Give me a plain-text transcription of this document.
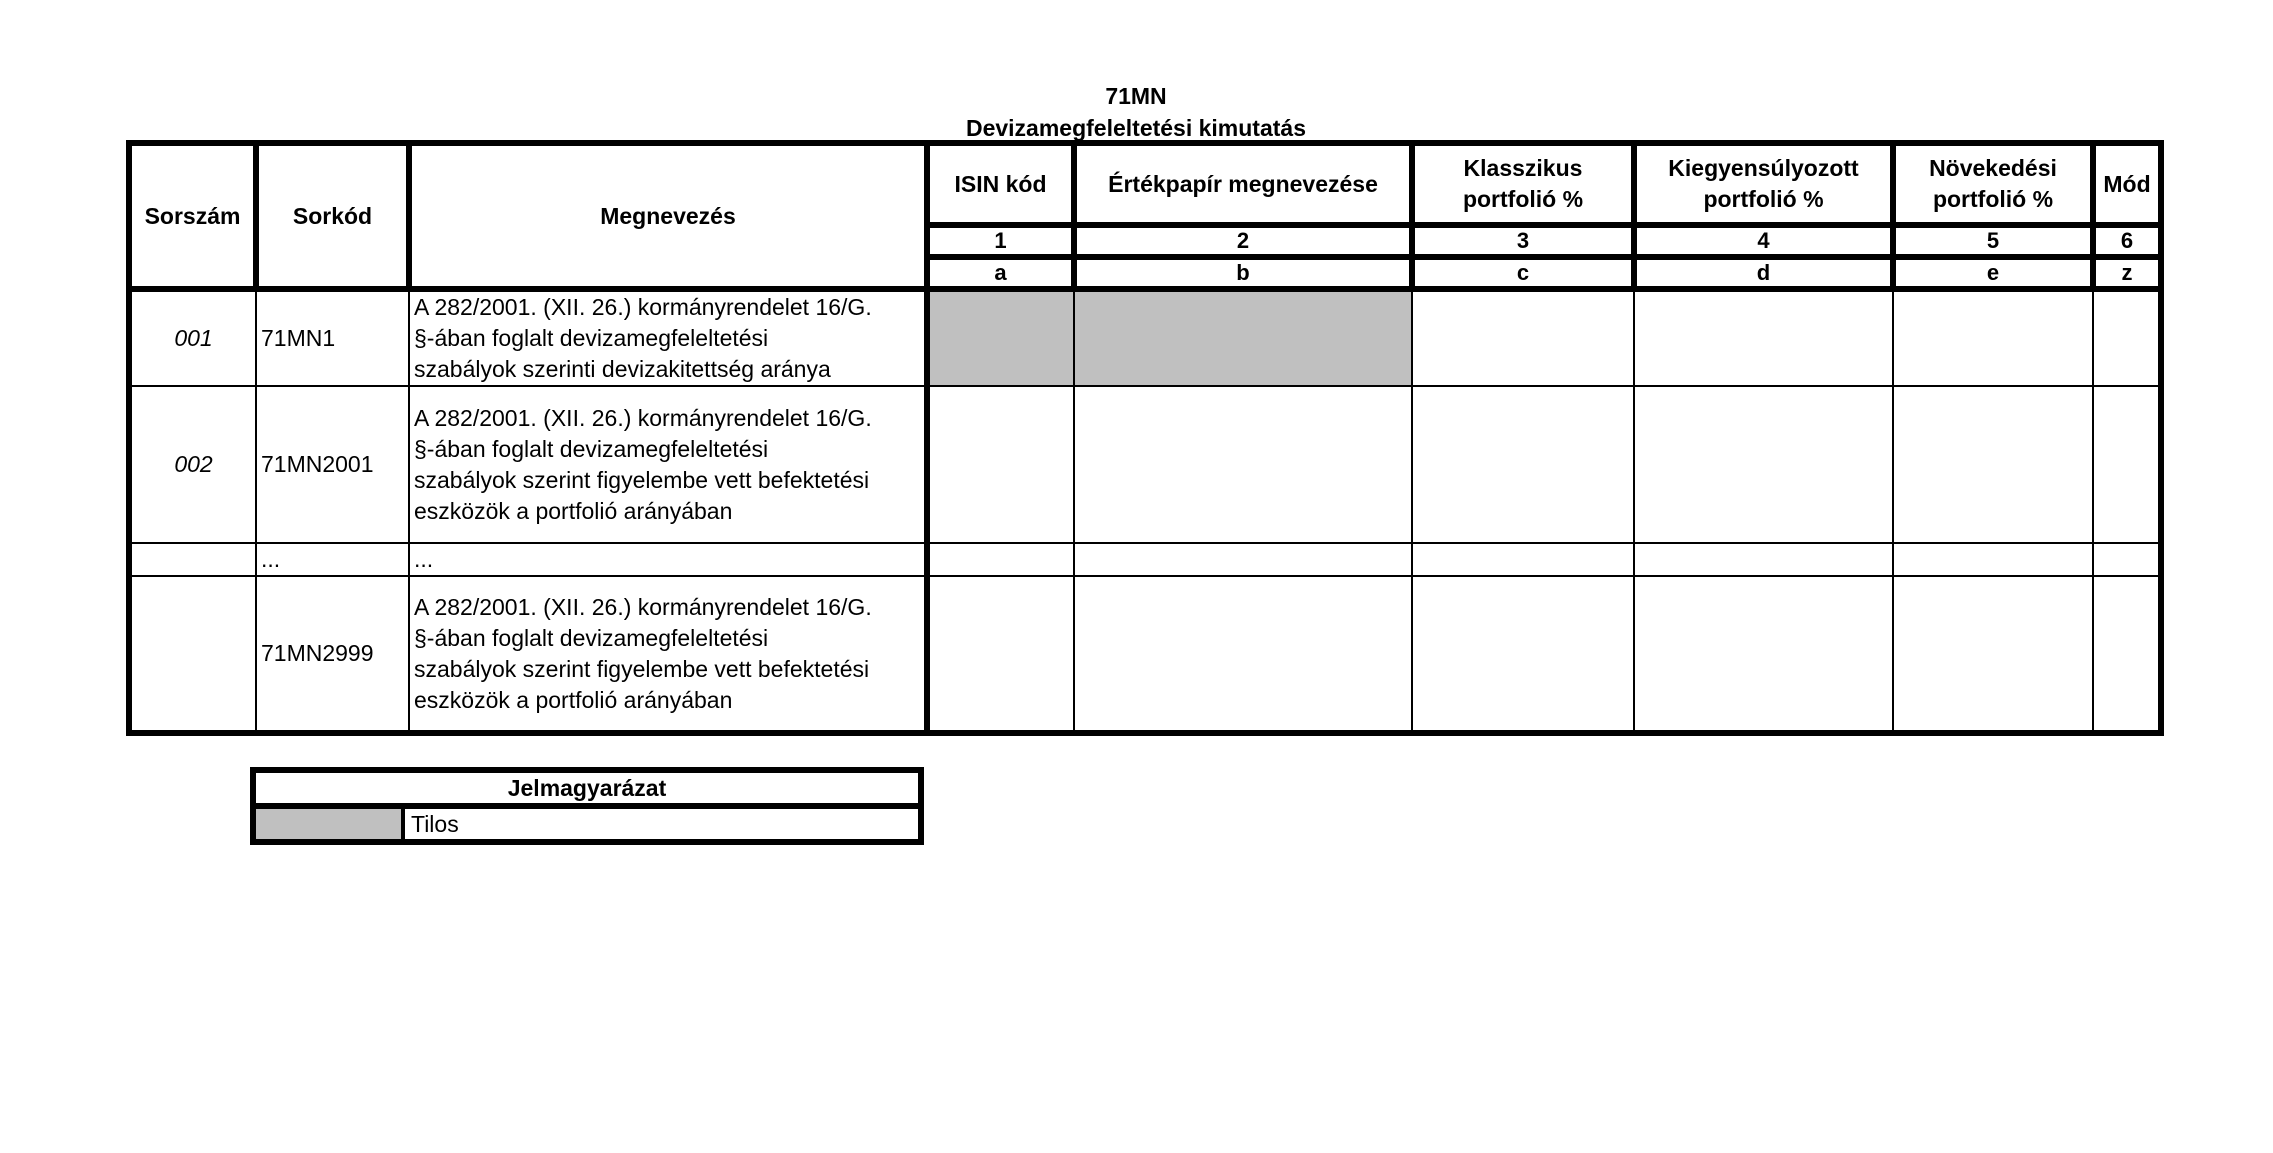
71MN
Devizamegfeleltetési kimutatás
Sorszám	Sorkód	Megnevezés	ISIN kód	Értékpapír megnevezése	Klasszikus portfolió %	Kiegyensúlyozott portfolió %	Növekedési portfolió %	Mód
			1	2	3	4	5	6
			a	b	c	d	e	z
001	71MN1	A 282/2001. (XII. 26.) kormányrendelet 16/G.
§-ában foglalt devizamegfeleltetési
szabályok szerinti devizakitettség aránya						

002	71MN2001	A 282/2001. (XII. 26.) kormányrendelet 16/G.
§-ában foglalt devizamegfeleltetési
szabályok szerint figyelembe vett befektetési
eszközök a portfolió arányában						

	...	...						

	71MN2999	A 282/2001. (XII. 26.) kormányrendelet 16/G.
§-ában foglalt devizamegfeleltetési
szabályok szerint figyelembe vett befektetési
eszközök a portfolió arányában						

Jelmagyarázat
	Tilos
